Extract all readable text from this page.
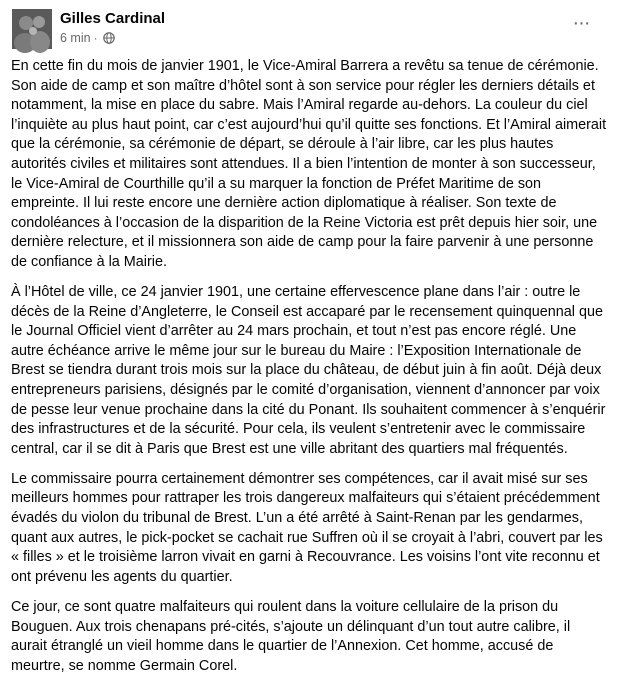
Gilles Cardinal
6 min ·
···

En cette fin du mois de janvier 1901, le Vice-Amiral Barrera a revêtu sa tenue de cérémonie. Son aide de camp et son maître d’hôtel sont à son service pour régler les derniers détails et notamment, la mise en place du sabre. Mais l’Amiral regarde au-dehors. La couleur du ciel l’inquiète au plus haut point, car c’est aujourd’hui qu’il quitte ses fonctions. Et l’Amiral aimerait que la cérémonie, sa cérémonie de départ, se déroule à l’air libre, car les plus hautes autorités civiles et militaires sont attendues. Il a bien l’intention de monter à son successeur, le Vice-Amiral de Courthille qu’il a su marquer la fonction de Préfet Maritime de son empreinte. Il lui reste encore une dernière action diplomatique à réaliser. Son texte de condoléances à l’occasion de la disparition de la Reine Victoria est prêt depuis hier soir, une dernière relecture, et il missionnera son aide de camp pour la faire parvenir à une personne de confiance à la Mairie.

À l’Hôtel de ville, ce 24 janvier 1901, une certaine effervescence plane dans l’air : outre le décès de la Reine d’Angleterre, le Conseil est accaparé par le recensement quinquennal que le Journal Officiel vient d’arrêter au 24 mars prochain, et tout n’est pas encore réglé. Une autre échéance arrive le même jour sur le bureau du Maire : l’Exposition Internationale de Brest se tiendra durant trois mois sur la place du château, de début juin à fin août. Déjà deux entrepreneurs parisiens, désignés par le comité d’organisation, viennent d’annoncer par voix de pesse leur venue prochaine dans la cité du Ponant. Ils souhaitent commencer à s’enquérir des infrastructures et de la sécurité. Pour cela, ils veulent s’entretenir avec le commissaire central, car il se dit à Paris que Brest est une ville abritant des quartiers mal fréquentés.

Le commissaire pourra certainement démontrer ses compétences, car il avait misé sur ses meilleurs hommes pour rattraper les trois dangereux malfaiteurs qui s’étaient précédemment évadés du violon du tribunal de Brest. L’un a été arrêté à Saint-Renan par les gendarmes, quant aux autres, le pick-pocket se cachait rue Suffren où il se croyait à l’abri, couvert par les « filles » et le troisième larron vivait en garni à Recouvrance. Les voisins l’ont vite reconnu et ont prévenu les agents du quartier.

Ce jour, ce sont quatre malfaiteurs qui roulent dans la voiture cellulaire de la prison du Bouguen. Aux trois chenapans pré-cités, s’ajoute un délinquant d’un tout autre calibre, il aurait étranglé un vieil homme dans le quartier de l’Annexion. Cet homme, accusé de meurtre, se nomme Germain Corel.
